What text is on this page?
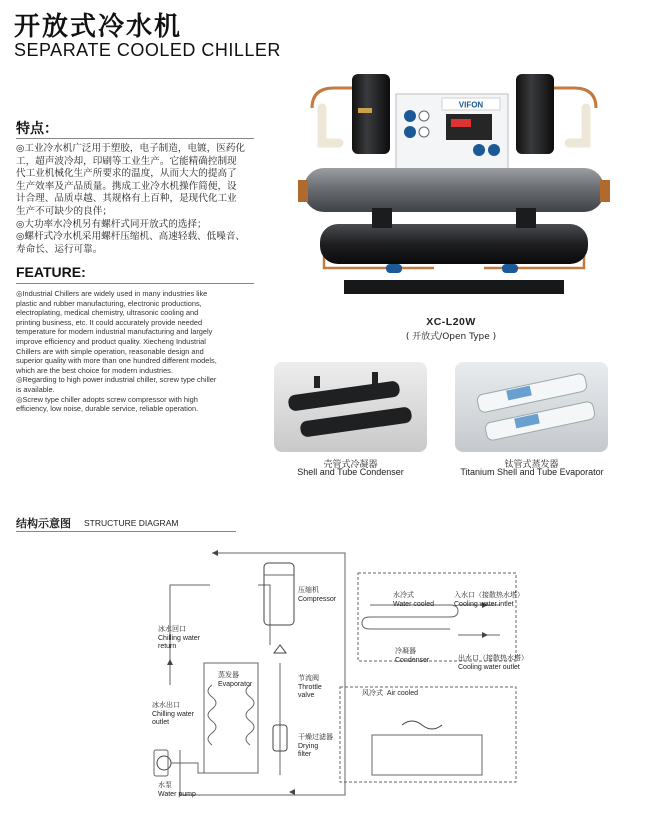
开放式冷水机
SEPARATE COOLED CHILLER
特点：

◎工业冷水机广泛用于塑胶，电子制造，电镀，医药化

工，超声波冷却，印刷等工业生产。它能精确控制现

代工业机械化生产所要求的温度，从而大大的提高了

生产效率及产品质量。携成工业冷水机操作简便，设

计合理、品质卓越、其规格有上百种，是现代化工业

生产不可缺少的良伴；

◎大功率水冷机另有螺杆式同开放式的选择；

◎螺杆式冷水机采用螺杆压缩机、高速轻载、低噪音、

寿命长、运行可靠。

FEATURE:

◎Industrial Chillers are widely used in many industries like

plastic and rubber manufacturing, electronic productions,

electroplating, medical chemistry, ultrasonic cooling and

printing business, etc. It could accurately provide needed

temperature for modern industrial manufacturing and largely

improve efficiency and product quality. Xiecheng Industrial

Chillers are with simple operation, reasonable design and

superior quality with more than one hundred different models,

which are the best choice for modern industries.

◎Regarding to high power industrial chiller, screw type chiller

is available.

◎Screw type chiller adopts screw compressor with high

efficiency, low noise, durable service, reliable operation.

VIFON
XC-L20W
( 开放式/Open Type )
壳管式冷凝器
Shell and Tube Condenser
钛管式蒸发器
Titanium Shell and Tube Evaporator
结构示意图 STRUCTURE DIAGRAM
压缩机
Compressor	水冷式
Water cooled
入水口（接散热水塔）
Cooling water intlet
冰水回口
Chilling water
return
冷凝器
Condenser	出水口（接散热水塔）
Cooling water outlet
蒸发器
Evaporator
节流阀
Throttle
valve	风冷式 Air cooled
冰水出口
Chilling water
outlet
干燥过滤器
Drying
filter
水泵
Water pump
